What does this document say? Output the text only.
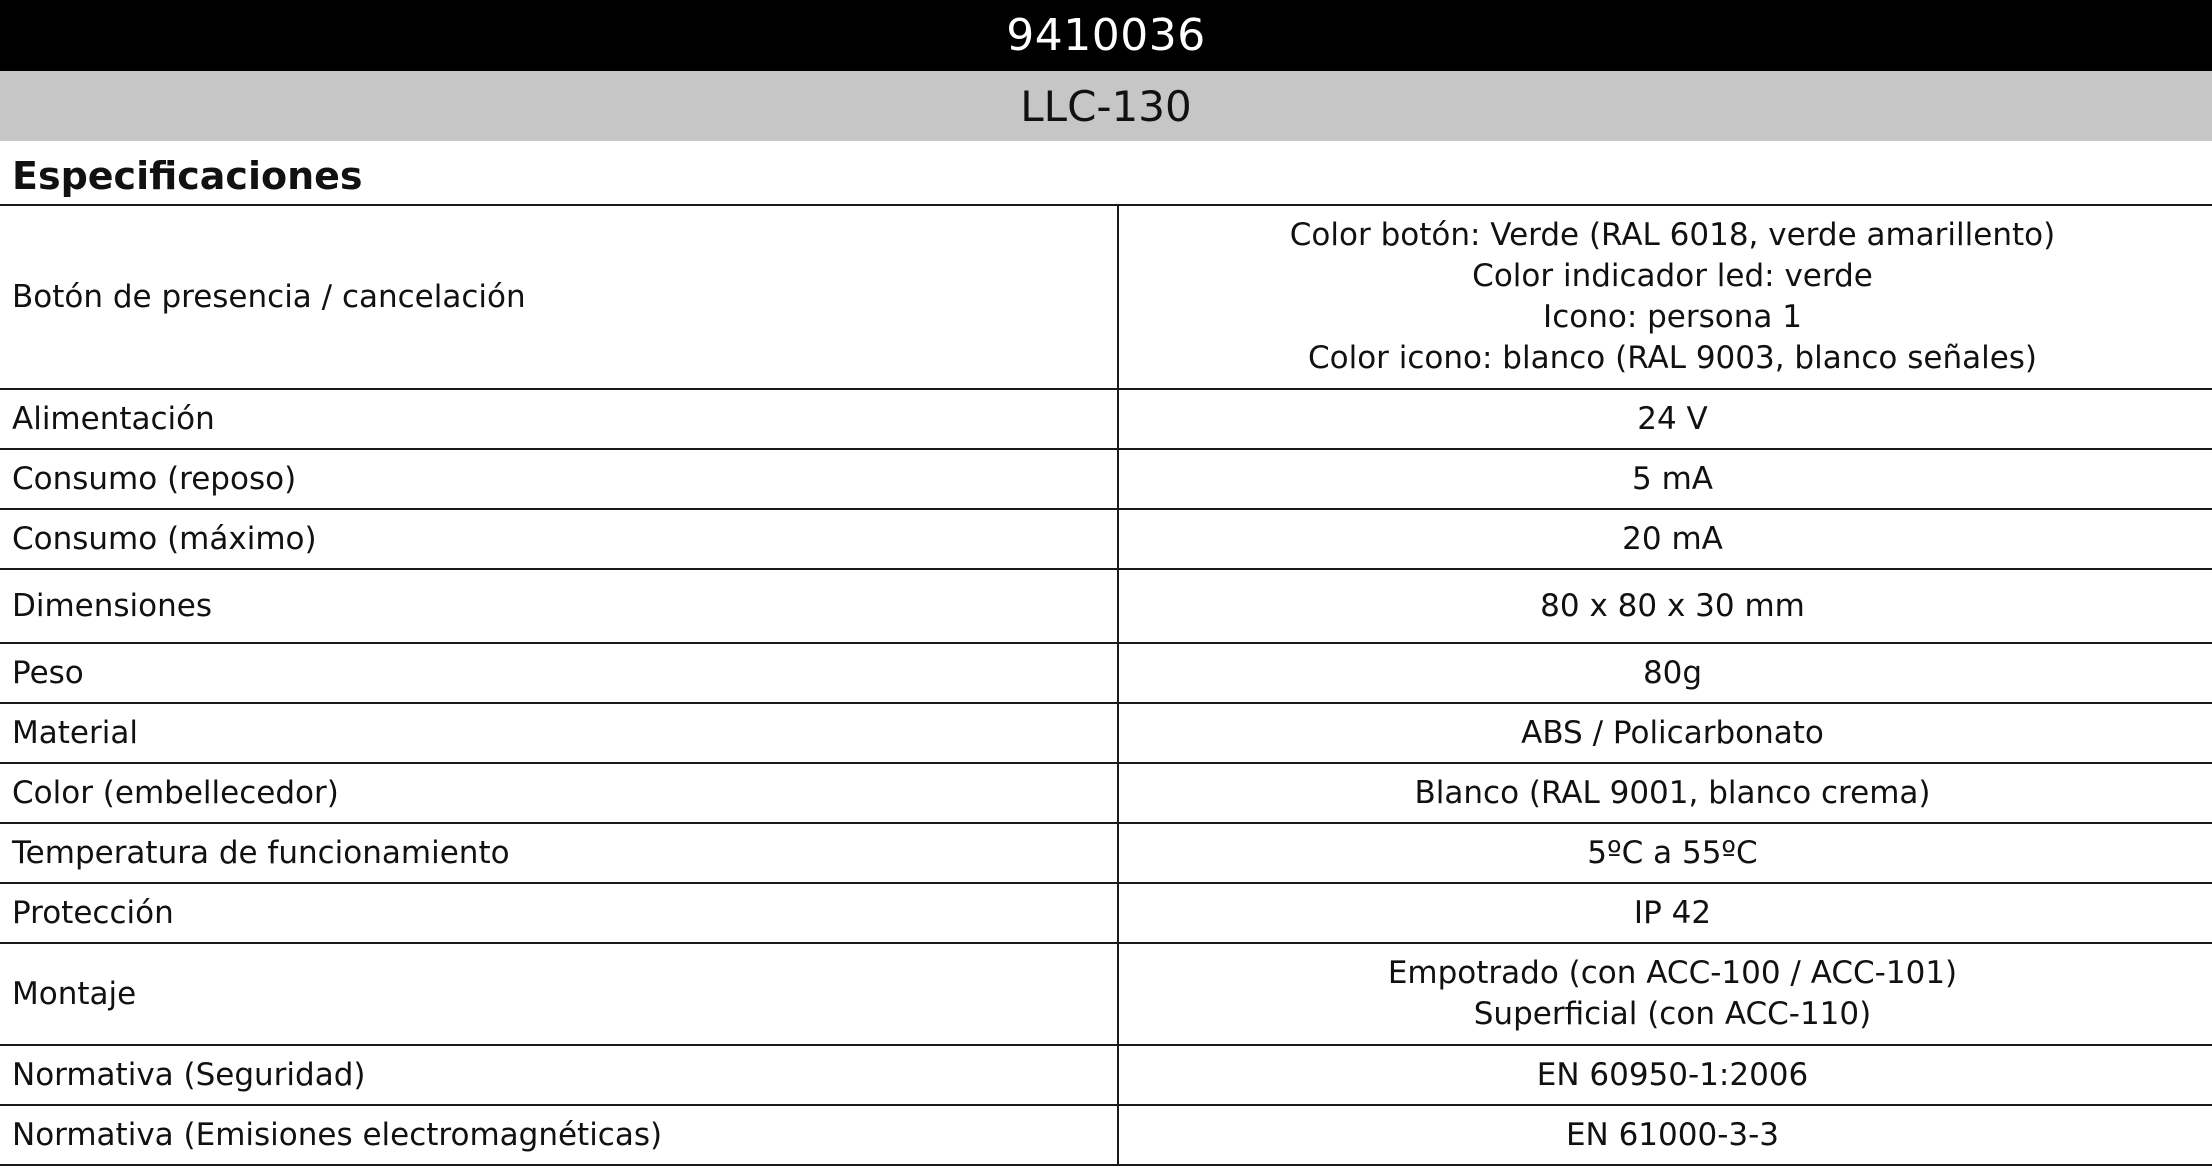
9410036
LLC-130
Especificaciones
Botón de presencia / cancelación	Color botón: Verde (RAL 6018, verde amarillento)
Color indicador led: verde
Icono: persona 1
Color icono: blanco (RAL 9003, blanco señales)
Alimentación	24 V
Consumo (reposo)	5 mA
Consumo (máximo)	20 mA
Dimensiones	80 x 80 x 30 mm
Peso	80g
Material	ABS / Policarbonato
Color (embellecedor)	Blanco (RAL 9001, blanco crema)
Temperatura de funcionamiento	5ºC a 55ºC
Protección	IP 42
Montaje	Empotrado (con ACC-100 / ACC-101)
Superficial (con ACC-110)
Normativa (Seguridad)	EN 60950-1:2006
Normativa (Emisiones electromagnéticas)	EN 61000-3-3
